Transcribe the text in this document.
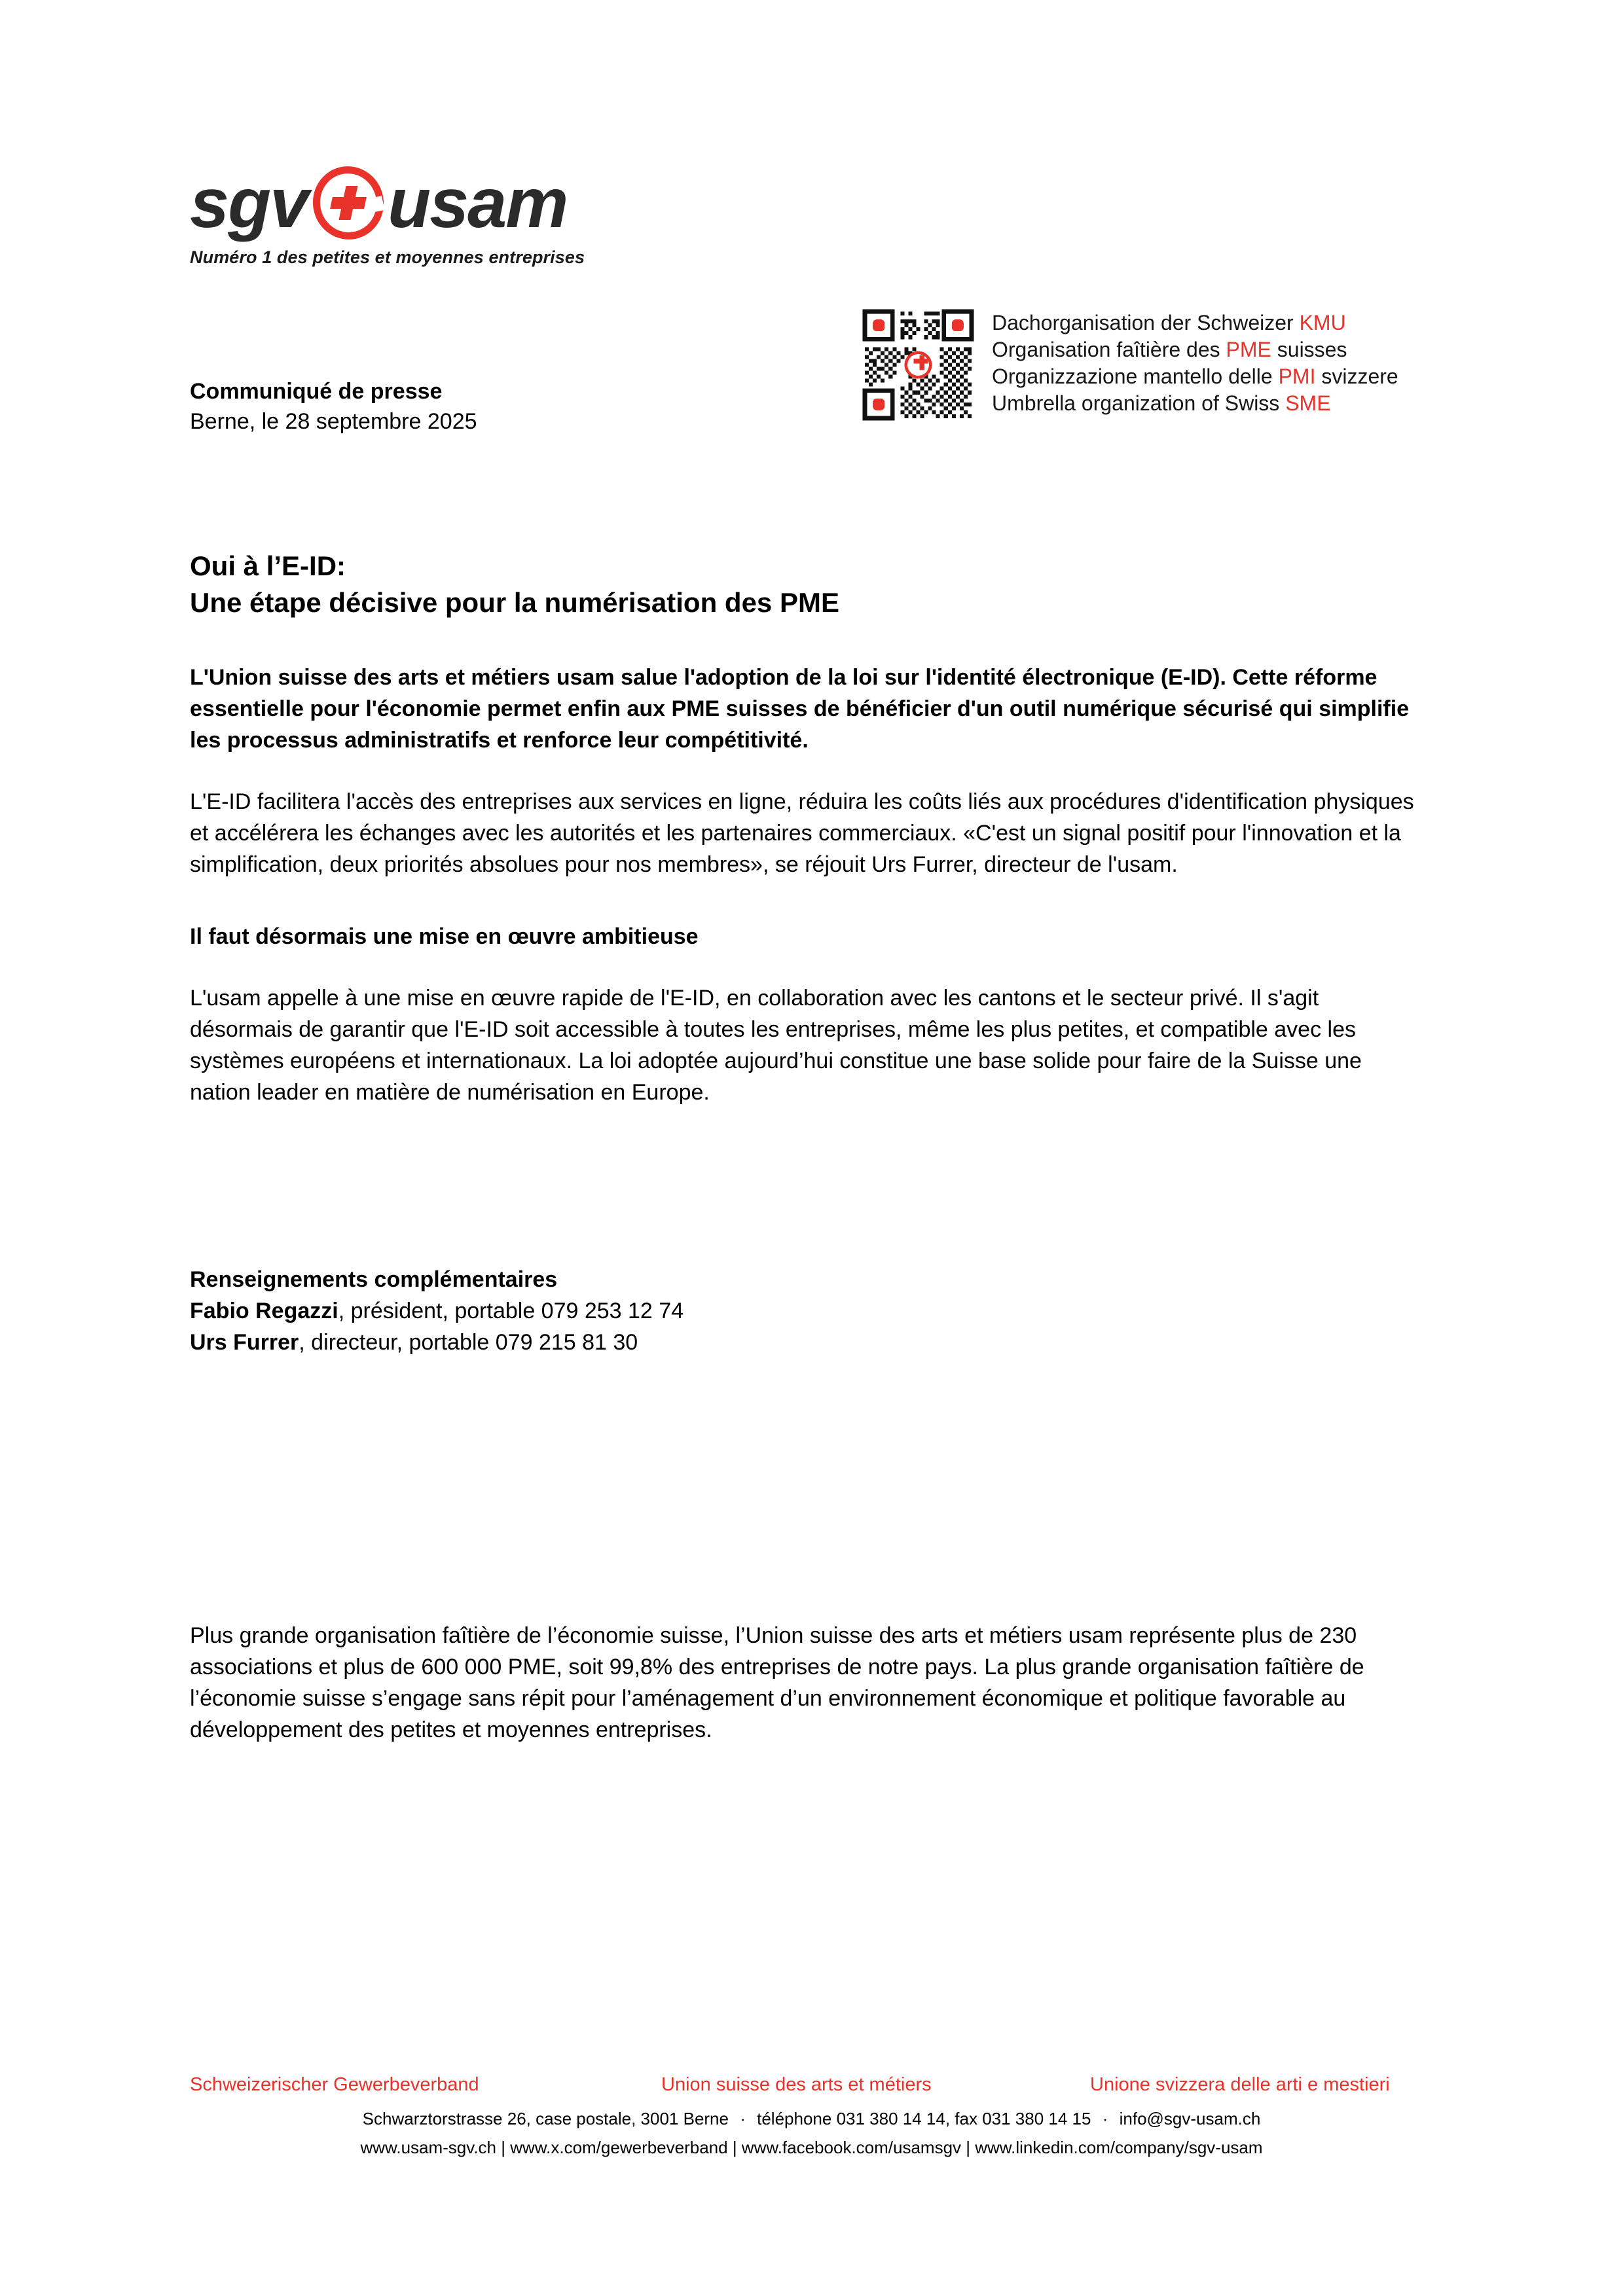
sgv usam
Numéro 1 des petites et moyennes entreprises
Dachorganisation der Schweizer KMU
Organisation faîtière des PME suisses
Organizzazione mantello delle PMI svizzere
Umbrella organization of Swiss SME
Communiqué de presse
Berne, le 28 septembre 2025
Oui à l’E-ID:
Une étape décisive pour la numérisation des PME
L'Union suisse des arts et métiers usam salue l'adoption de la loi sur l'identité électronique (E-ID). Cette réforme essentielle pour l'économie permet enfin aux PME suisses de bénéficier d'un outil numérique sécurisé qui simplifie les processus administratifs et renforce leur compétitivité.
L'E-ID facilitera l'accès des entreprises aux services en ligne, réduira les coûts liés aux procédures d'identification physiques et accélérera les échanges avec les autorités et les partenaires commerciaux. «C'est un signal positif pour l'innovation et la simplification, deux priorités absolues pour nos membres», se réjouit Urs Furrer, directeur de l'usam.
Il faut désormais une mise en œuvre ambitieuse
L'usam appelle à une mise en œuvre rapide de l'E-ID, en collaboration avec les cantons et le secteur privé. Il s'agit désormais de garantir que l'E-ID soit accessible à toutes les entreprises, même les plus petites, et compatible avec les systèmes européens et internationaux. La loi adoptée aujourd’hui constitue une base solide pour faire de la Suisse une nation leader en matière de numérisation en Europe.
Renseignements complémentaires
Fabio Regazzi, président, portable 079 253 12 74
Urs Furrer, directeur, portable 079 215 81 30
Plus grande organisation faîtière de l’économie suisse, l’Union suisse des arts et métiers usam représente plus de 230 associations et plus de 600 000 PME, soit 99,8% des entreprises de notre pays. La plus grande organisation faîtière de l’économie suisse s’engage sans répit pour l’aménagement d’un environnement économique et politique favorable au développement des petites et moyennes entreprises.
Schweizerischer Gewerbeverband	Union suisse des arts et métiers	Unione svizzera delle arti e mestieri
Schwarztorstrasse 26, case postale, 3001 Berne · téléphone 031 380 14 14, fax 031 380 14 15 · info@sgv-usam.ch
www.usam-sgv.ch | www.x.com/gewerbeverband | www.facebook.com/usamsgv | www.linkedin.com/company/sgv-usam
